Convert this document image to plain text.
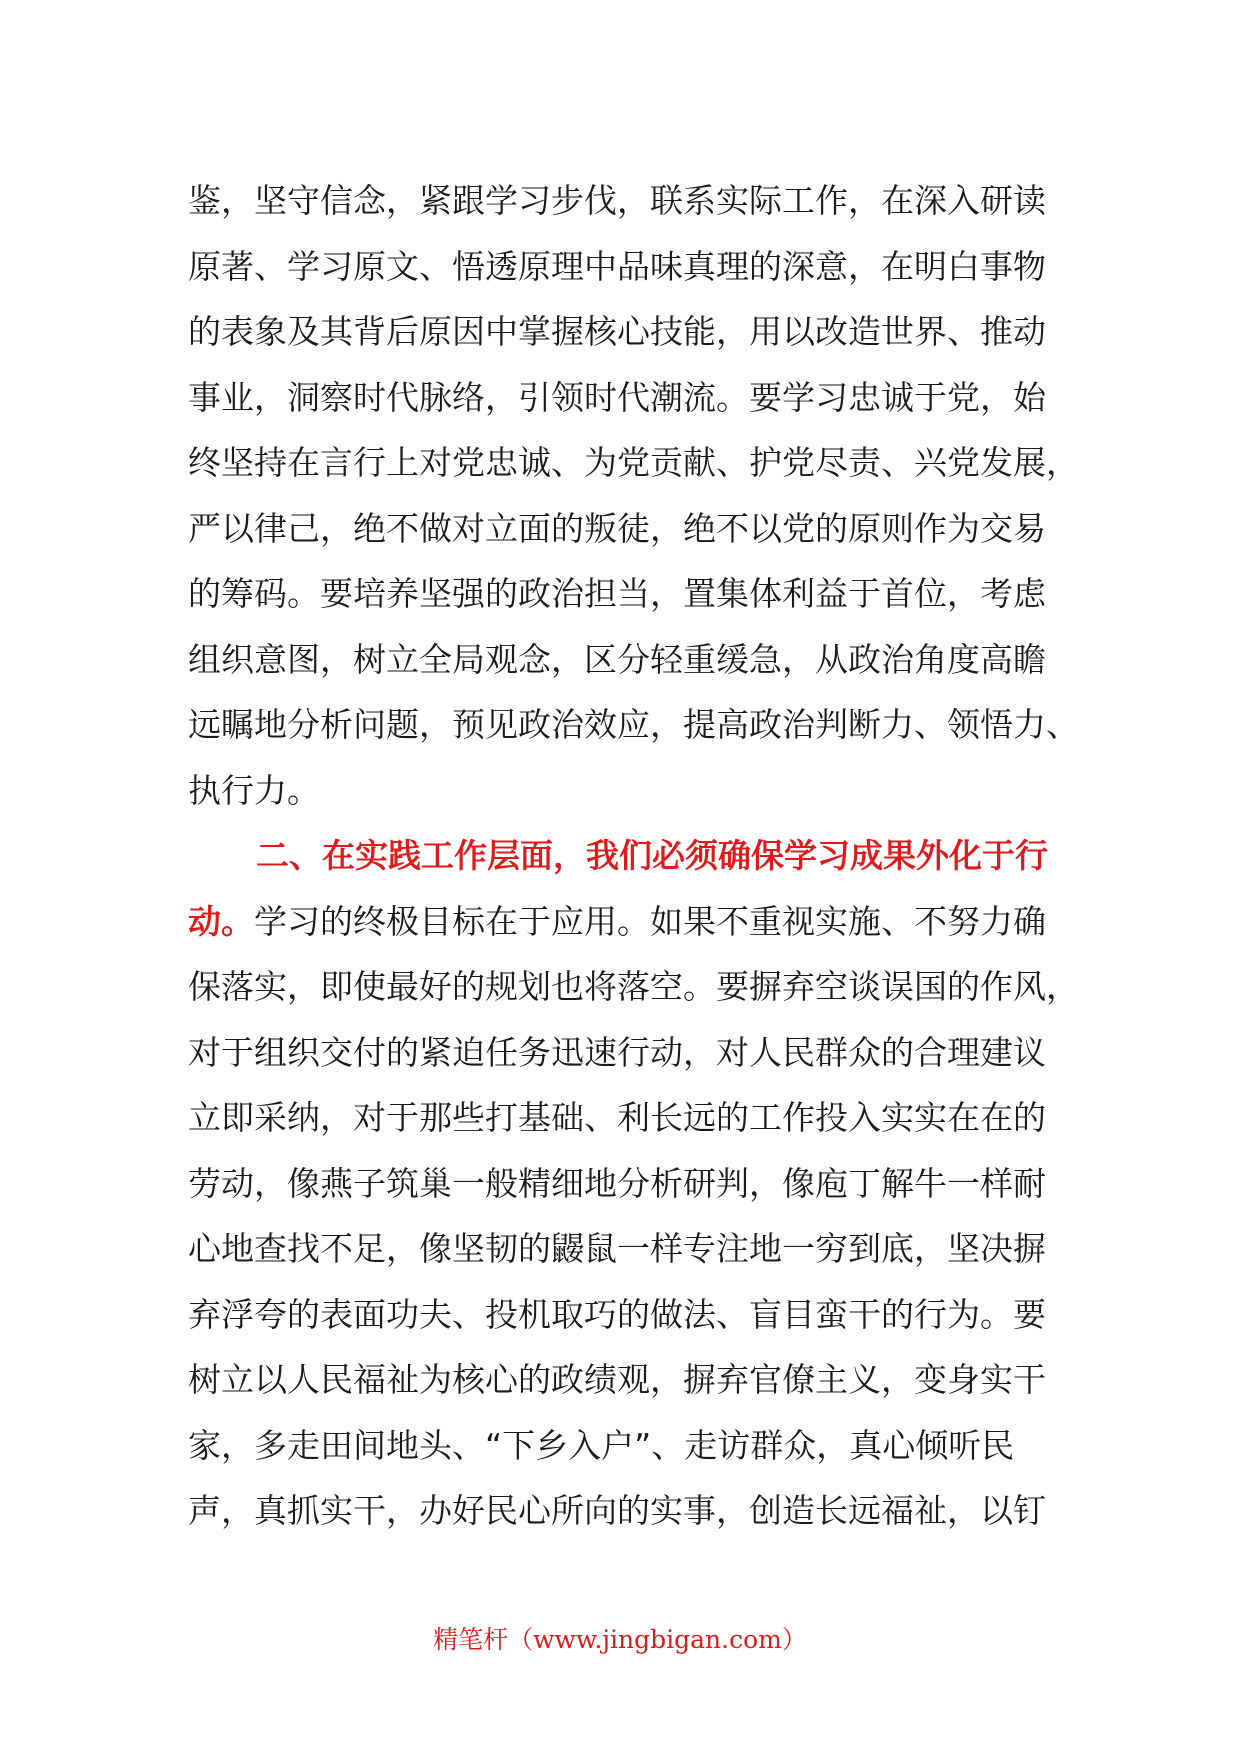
鉴，坚守信念，紧跟学习步伐，联系实际工作，在深入研读
原著、学习原文、悟透原理中品味真理的深意，在明白事物
的表象及其背后原因中掌握核心技能，用以改造世界、推动
事业，洞察时代脉络，引领时代潮流。要学习忠诚于党，始
终坚持在言行上对党忠诚、为党贡献、护党尽责、兴党发展，
严以律己，绝不做对立面的叛徒，绝不以党的原则作为交易
的筹码。要培养坚强的政治担当，置集体利益于首位，考虑
组织意图，树立全局观念，区分轻重缓急，从政治角度高瞻
远瞩地分析问题，预见政治效应，提高政治判断力、领悟力、
执行力。
二、在实践工作层面，我们必须确保学习成果外化于行
动。学习的终极目标在于应用。如果不重视实施、不努力确
保落实，即使最好的规划也将落空。要摒弃空谈误国的作风，
对于组织交付的紧迫任务迅速行动，对人民群众的合理建议
立即采纳，对于那些打基础、利长远的工作投入实实在在的
劳动，像燕子筑巢一般精细地分析研判，像庖丁解牛一样耐
心地查找不足，像坚韧的鼹鼠一样专注地一穷到底，坚决摒
弃浮夸的表面功夫、投机取巧的做法、盲目蛮干的行为。要
树立以人民福祉为核心的政绩观，摒弃官僚主义，变身实干
家，多走田间地头、“下乡入户”、走访群众，真心倾听民
声，真抓实干，办好民心所向的实事，创造长远福祉，以钉
精笔杆（www.jingbigan.com）
